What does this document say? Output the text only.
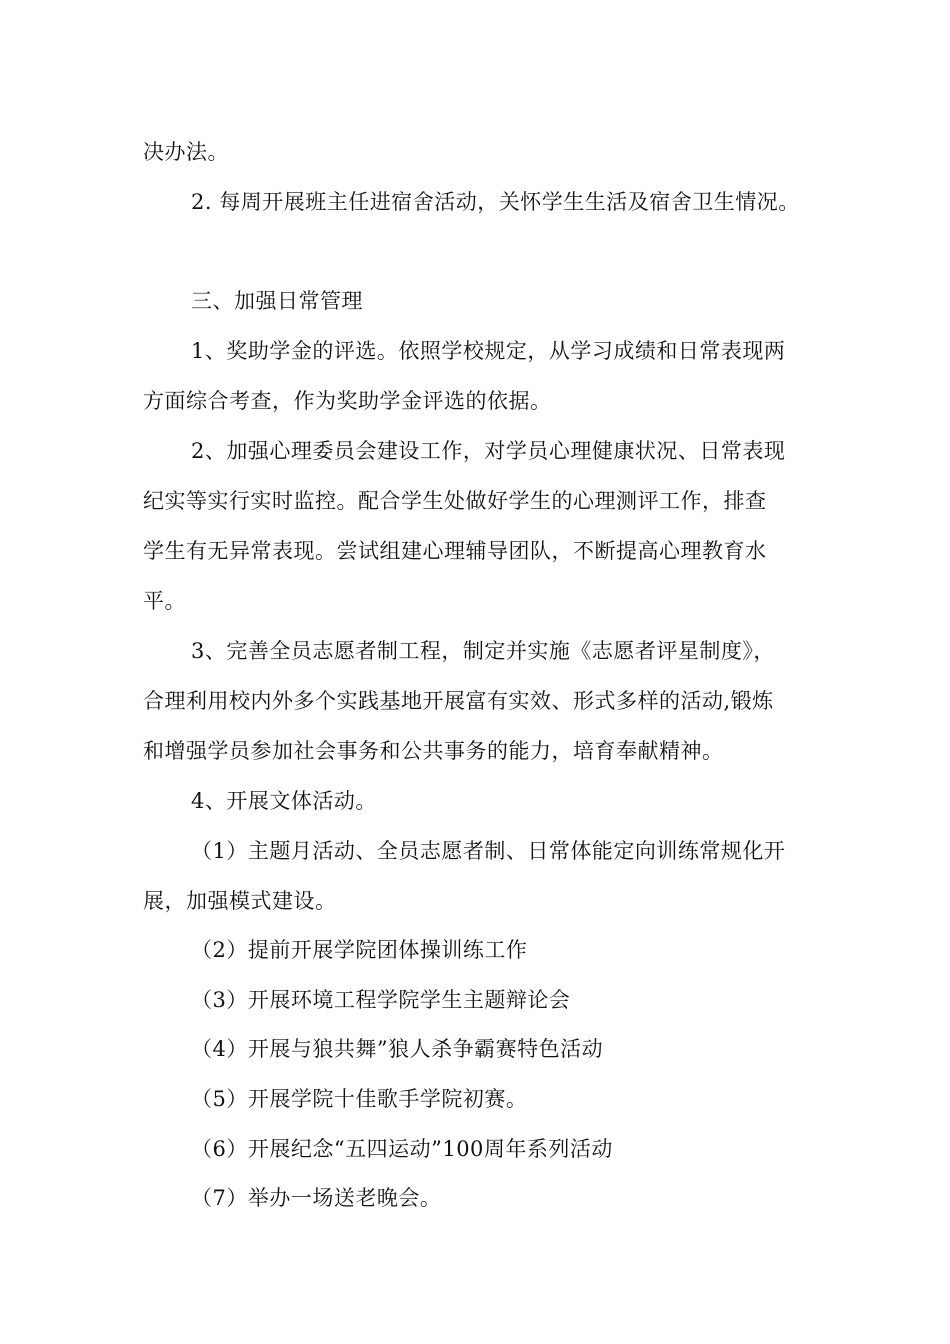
决办法。
2. 每周开展班主任进宿舍活动，关怀学生生活及宿舍卫生情况。
三、加强日常管理
1、奖助学金的评选。依照学校规定，从学习成绩和日常表现两
方面综合考查，作为奖助学金评选的依据。
2、加强心理委员会建设工作，对学员心理健康状况、日常表现
纪实等实行实时监控。配合学生处做好学生的心理测评工作，排查
学生有无异常表现。尝试组建心理辅导团队，不断提高心理教育水
平。
3、完善全员志愿者制工程，制定并实施《志愿者评星制度》，
合理利用校内外多个实践基地开展富有实效、形式多样的活动,锻炼
和增强学员参加社会事务和公共事务的能力，培育奉献精神。
4、开展文体活动。
（1）主题月活动、全员志愿者制、日常体能定向训练常规化开
展，加强模式建设。
（2）提前开展学院团体操训练工作
（3）开展环境工程学院学生主题辩论会
（4）开展与狼共舞”狼人杀争霸赛特色活动
（5）开展学院十佳歌手学院初赛。
（6）开展纪念“五四运动”100周年系列活动
（7）举办一场送老晚会。
